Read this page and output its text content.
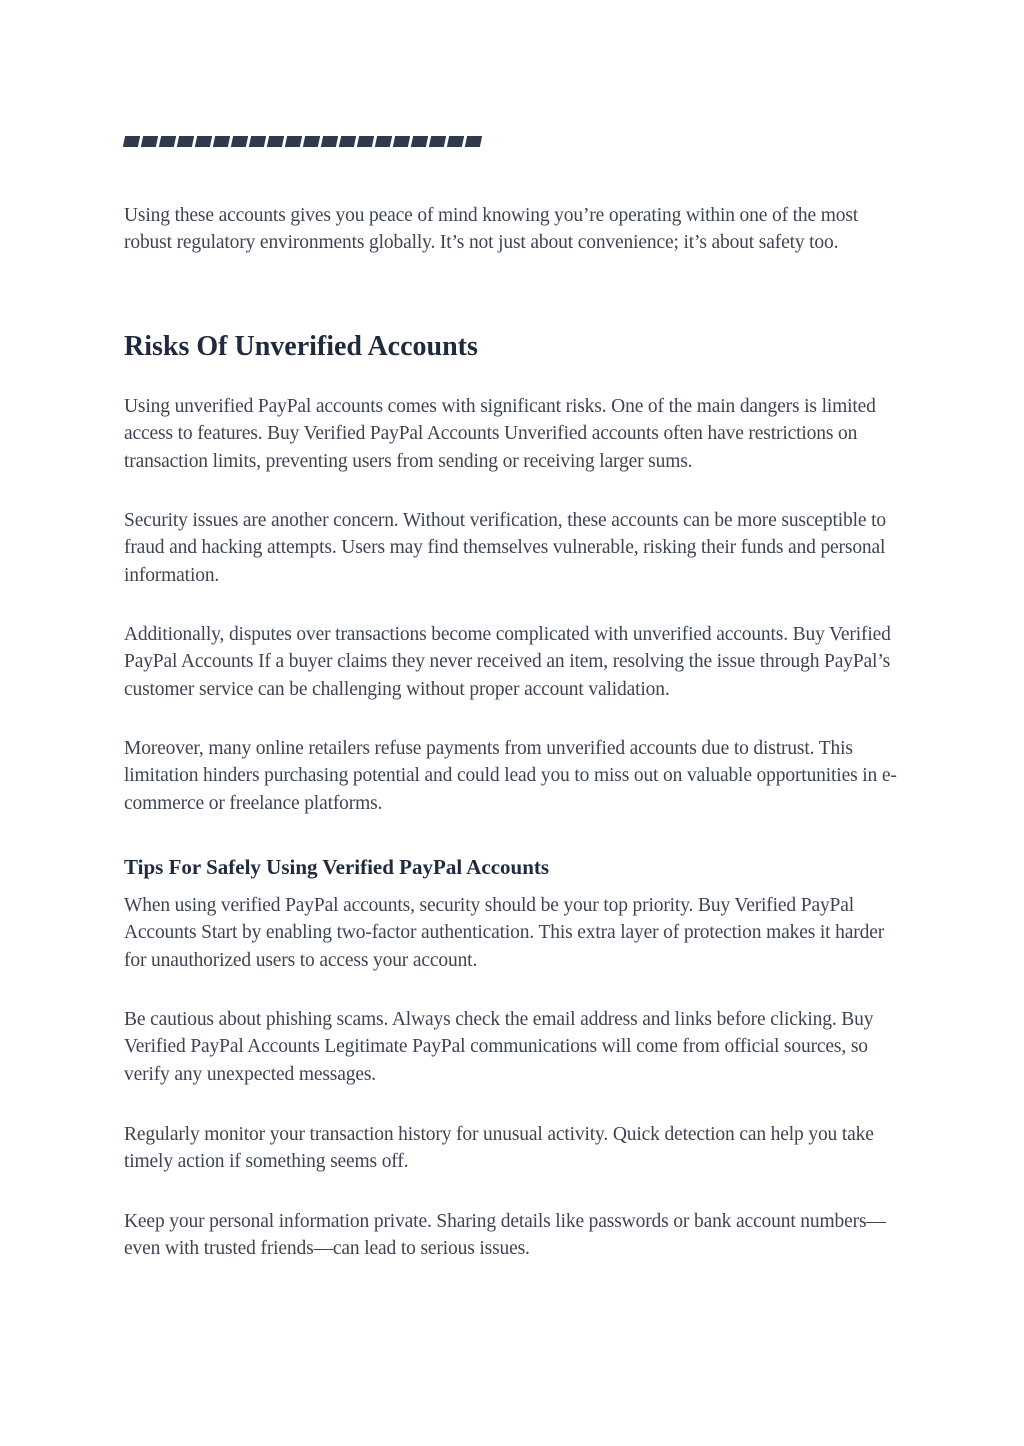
Using these accounts gives you peace of mind knowing you’re operating within one of the most robust regulatory environments globally. It’s not just about convenience; it’s about safety too.

Risks Of Unverified Accounts

Using unverified PayPal accounts comes with significant risks. One of the main dangers is limited access to features. Buy Verified PayPal Accounts Unverified accounts often have restrictions on transaction limits, preventing users from sending or receiving larger sums.

Security issues are another concern. Without verification, these accounts can be more susceptible to fraud and hacking attempts. Users may find themselves vulnerable, risking their funds and personal information.

Additionally, disputes over transactions become complicated with unverified accounts. Buy Verified PayPal Accounts If a buyer claims they never received an item, resolving the issue through PayPal’s customer service can be challenging without proper account validation.

Moreover, many online retailers refuse payments from unverified accounts due to distrust. This limitation hinders purchasing potential and could lead you to miss out on valuable opportunities in e-commerce or freelance platforms.

Tips For Safely Using Verified PayPal Accounts

When using verified PayPal accounts, security should be your top priority. Buy Verified PayPal Accounts Start by enabling two-factor authentication. This extra layer of protection makes it harder for unauthorized users to access your account.

Be cautious about phishing scams. Always check the email address and links before clicking. Buy Verified PayPal Accounts Legitimate PayPal communications will come from official sources, so verify any unexpected messages.

Regularly monitor your transaction history for unusual activity. Quick detection can help you take timely action if something seems off.

Keep your personal information private. Sharing details like passwords or bank account numbers—even with trusted friends—can lead to serious issues.
